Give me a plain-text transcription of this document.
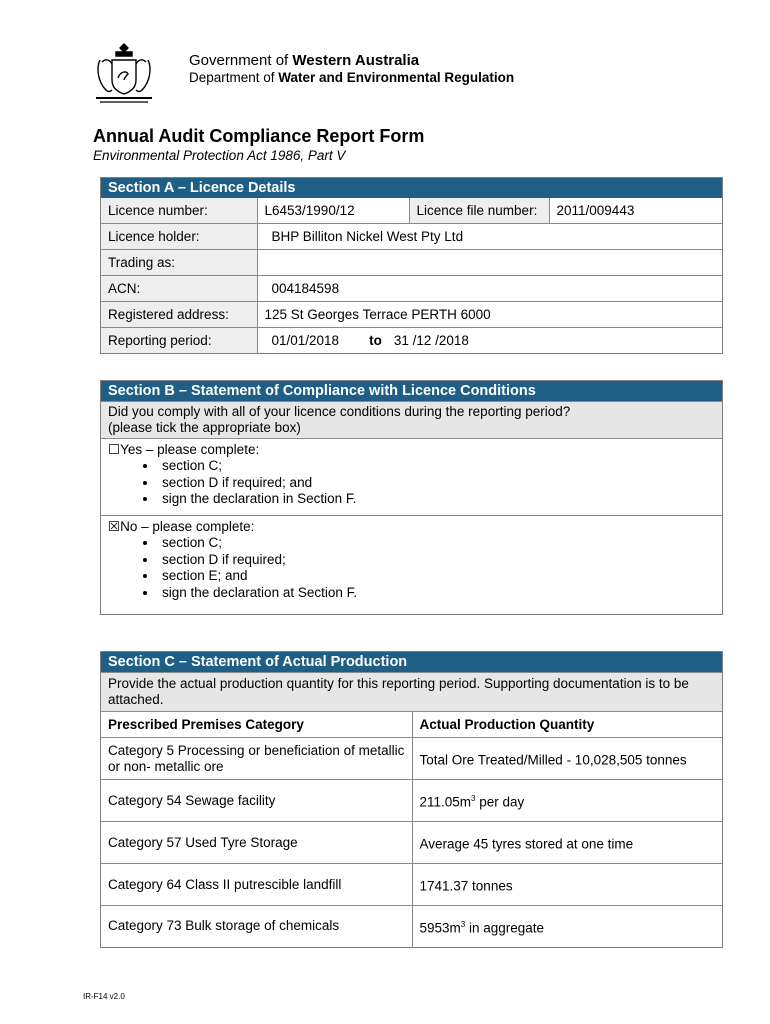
Government of Western Australia
Department of Water and Environmental Regulation
Annual Audit Compliance Report Form
Environmental Protection Act 1986, Part V
Section A – Licence Details
Licence number:	L6453/1990/12	Licence file number:	2011/009443
Licence holder:	BHP Billiton Nickel West Pty Ltd		
Trading as:			
ACN:	004184598		
Registered address:	125 St Georges Terrace PERTH 6000		
Reporting period:	01/01/2018 to 31 /12 /2018		
Section B – Statement of Compliance with Licence Conditions
Did you comply with all of your licence conditions during the reporting period?
(please tick the appropriate box)
☐Yes – please complete:
• section C;
• section D if required; and
• sign the declaration in Section F.
☒No – please complete:
• section C;
• section D if required;
• section E; and
• sign the declaration at Section F.
Section C – Statement of Actual Production
Provide the actual production quantity for this reporting period. Supporting documentation is to be attached.
Prescribed Premises Category	Actual Production Quantity
Category 5 Processing or beneficiation of metallic or non- metallic ore	Total Ore Treated/Milled - 10,028,505 tonnes
Category 54 Sewage facility	$211.05m^3$ per day
Category 57 Used Tyre Storage	Average 45 tyres stored at one time
Category 64 Class II putrescible landfill	1741.37 tonnes
Category 73 Bulk storage of chemicals	$5953m^3$ in aggregate
IR-F14 v2.0
